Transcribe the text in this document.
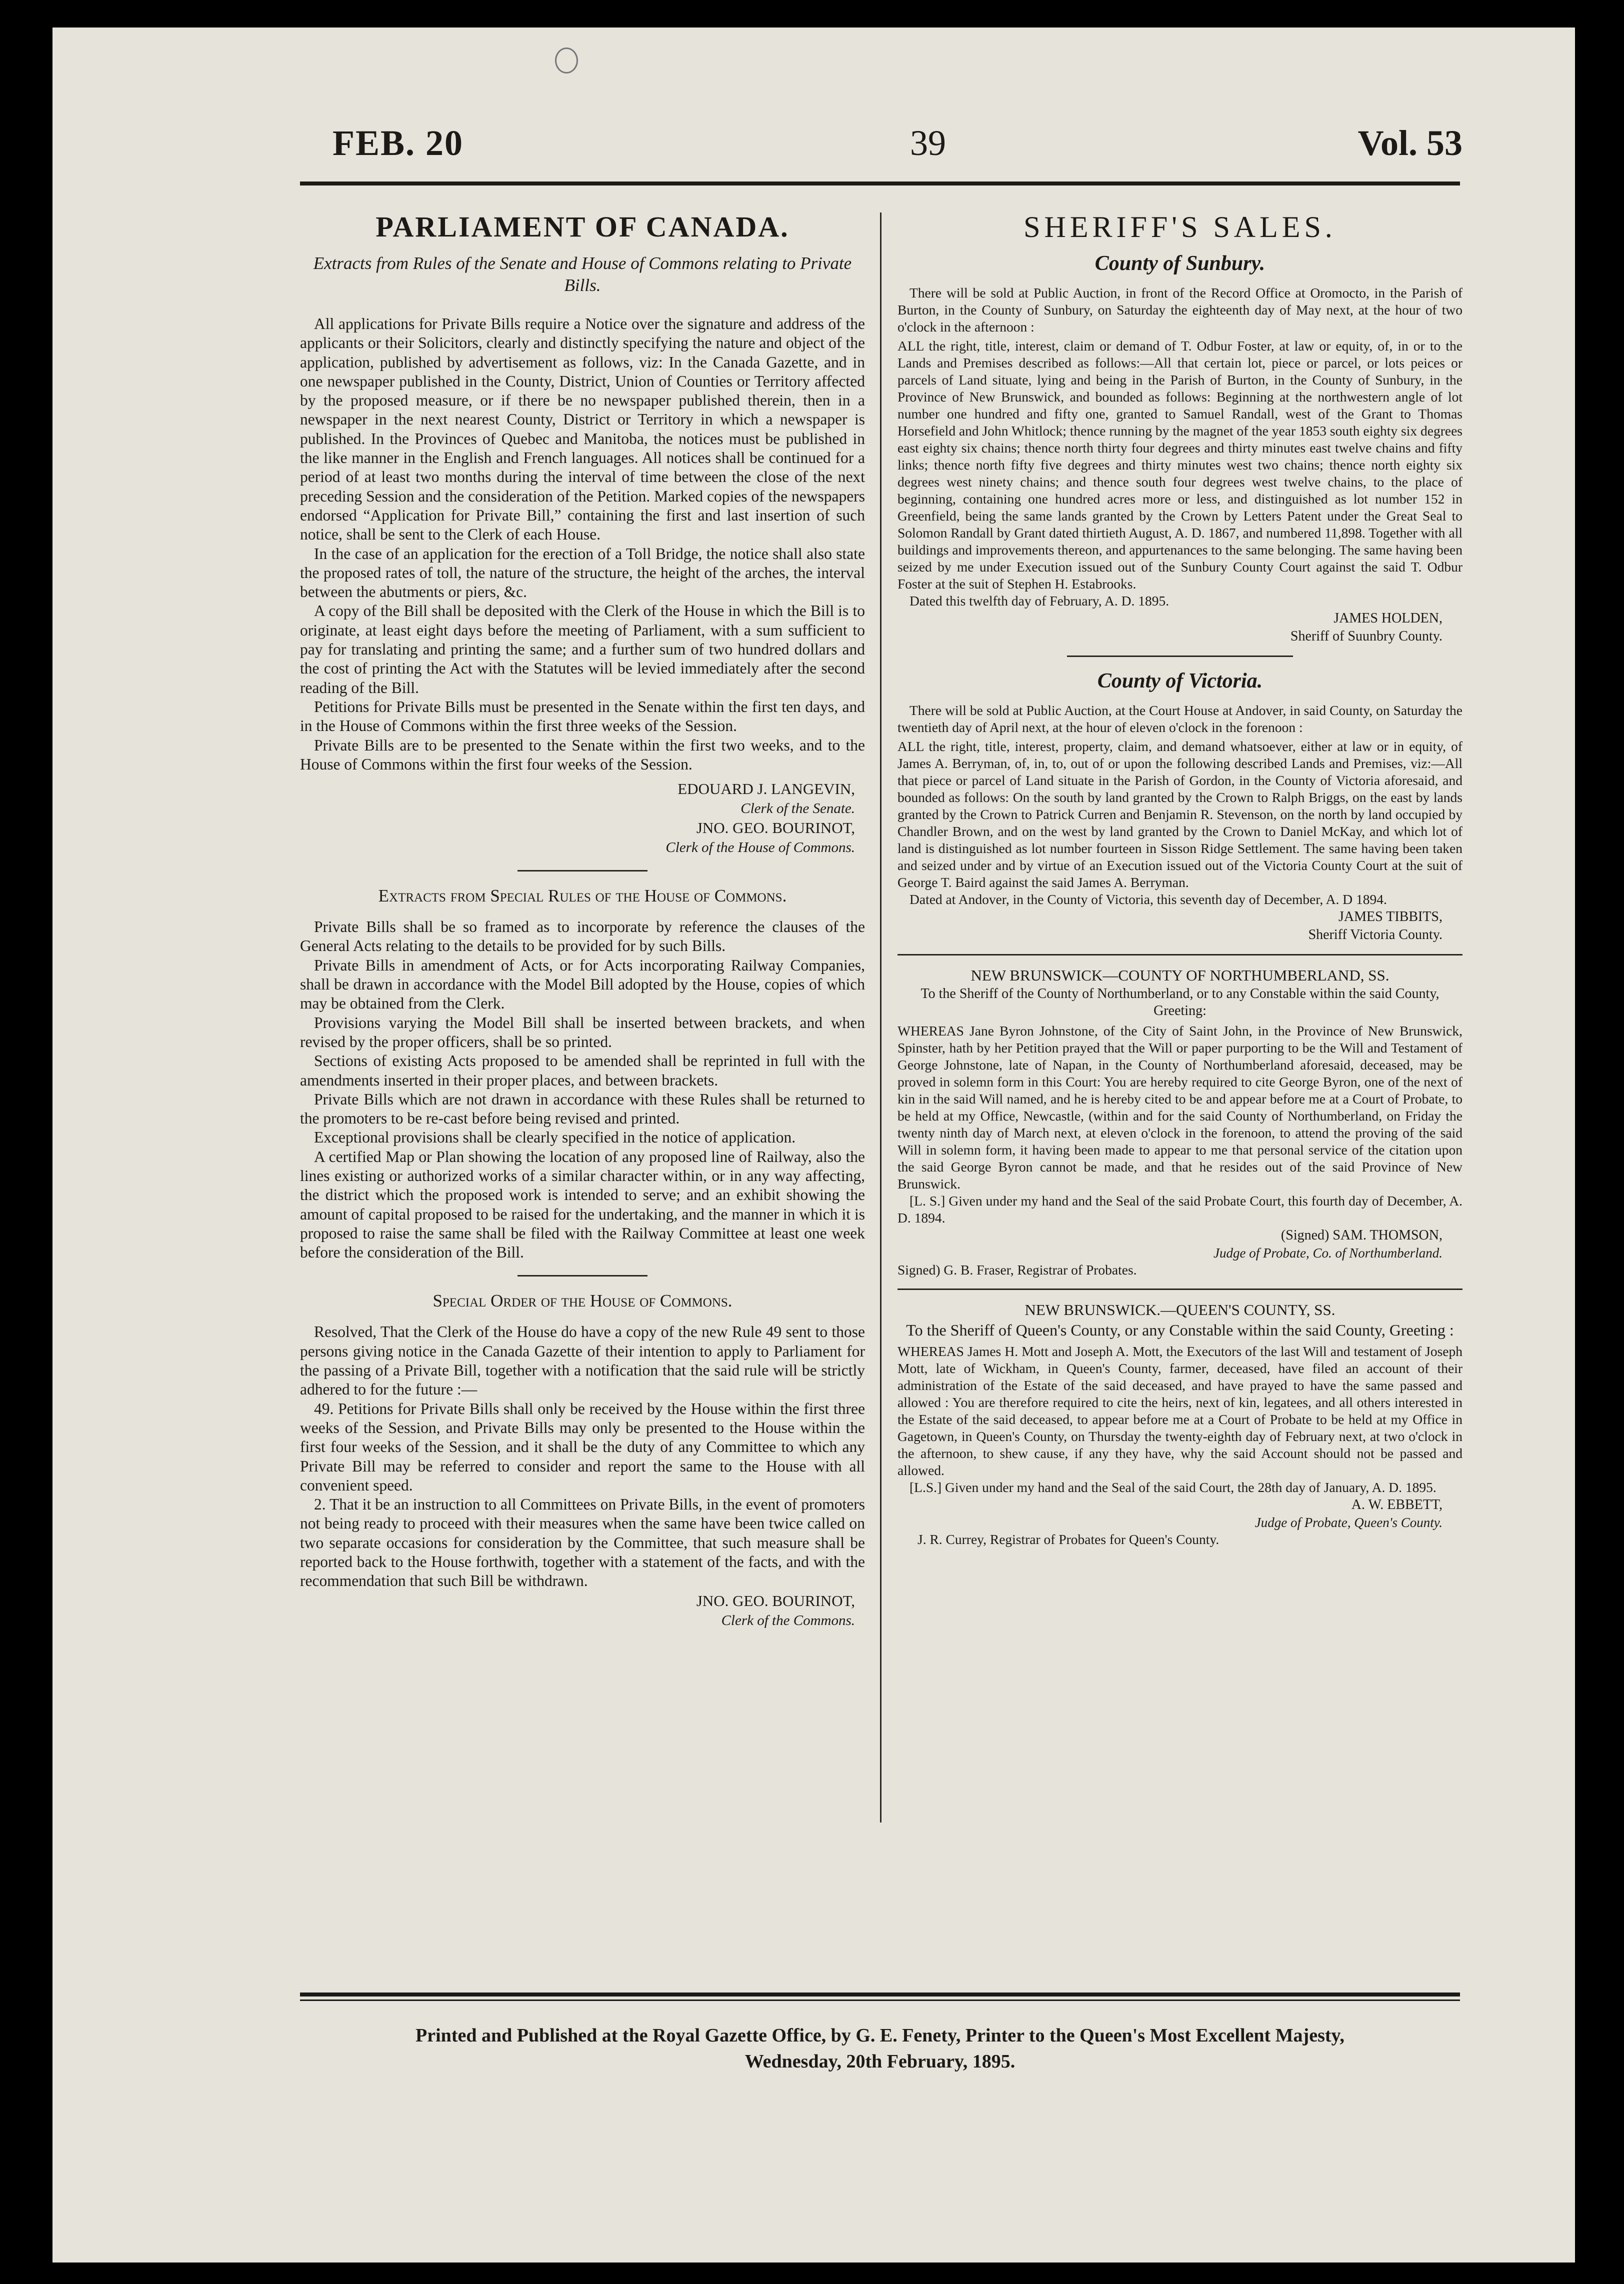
FEB. 20	39	Vol. 53
PARLIAMENT OF CANADA.
Extracts from Rules of the Senate and House of Commons relating to Private Bills.

All applications for Private Bills require a Notice over the signature and address of the applicants or their Solicitors, clearly and distinctly specifying the nature and object of the application, published by advertisement as follows, viz: In the Canada Gazette, and in one newspaper published in the County, District, Union of Counties or Territory affected by the proposed measure, or if there be no newspaper published therein, then in a newspaper in the next nearest County, District or Territory in which a newspaper is published. In the Provinces of Quebec and Manitoba, the notices must be published in the like manner in the English and French languages. All notices shall be continued for a period of at least two months during the interval of time between the close of the next preceding Session and the consideration of the Petition. Marked copies of the newspapers endorsed “Application for Private Bill,” containing the first and last insertion of such notice, shall be sent to the Clerk of each House.

In the case of an application for the erection of a Toll Bridge, the notice shall also state the proposed rates of toll, the nature of the structure, the height of the arches, the interval between the abutments or piers, &c.

A copy of the Bill shall be deposited with the Clerk of the House in which the Bill is to originate, at least eight days before the meeting of Parliament, with a sum sufficient to pay for translating and printing the same; and a further sum of two hundred dollars and the cost of printing the Act with the Statutes will be levied immediately after the second reading of the Bill.

Petitions for Private Bills must be presented in the Senate within the first ten days, and in the House of Commons within the first three weeks of the Session.

Private Bills are to be presented to the Senate within the first two weeks, and to the House of Commons within the first four weeks of the Session.

EDOUARD J. LANGEVIN,
Clerk of the Senate.
JNO. GEO. BOURINOT,
Clerk of the House of Commons.
Extracts from Special Rules of the House of Commons.

Private Bills shall be so framed as to incorporate by reference the clauses of the General Acts relating to the details to be provided for by such Bills.

Private Bills in amendment of Acts, or for Acts incorporating Railway Companies, shall be drawn in accordance with the Model Bill adopted by the House, copies of which may be obtained from the Clerk.

Provisions varying the Model Bill shall be inserted between brackets, and when revised by the proper officers, shall be so printed.

Sections of existing Acts proposed to be amended shall be reprinted in full with the amendments inserted in their proper places, and between brackets.

Private Bills which are not drawn in accordance with these Rules shall be returned to the promoters to be re-cast before being revised and printed.

Exceptional provisions shall be clearly specified in the notice of application.

A certified Map or Plan showing the location of any proposed line of Railway, also the lines existing or authorized works of a similar character within, or in any way affecting, the district which the proposed work is intended to serve; and an exhibit showing the amount of capital proposed to be raised for the undertaking, and the manner in which it is proposed to raise the same shall be filed with the Railway Committee at least one week before the consideration of the Bill.

Special Order of the House of Commons.

Resolved, That the Clerk of the House do have a copy of the new Rule 49 sent to those persons giving notice in the Canada Gazette of their intention to apply to Parliament for the passing of a Private Bill, together with a notification that the said rule will be strictly adhered to for the future :—

49. Petitions for Private Bills shall only be received by the House within the first three weeks of the Session, and Private Bills may only be presented to the House within the first four weeks of the Session, and it shall be the duty of any Committee to which any Private Bill may be referred to consider and report the same to the House with all convenient speed.

2. That it be an instruction to all Committees on Private Bills, in the event of promoters not being ready to proceed with their measures when the same have been twice called on two separate occasions for consideration by the Committee, that such measure shall be reported back to the House forthwith, together with a statement of the facts, and with the recommendation that such Bill be withdrawn.

JNO. GEO. BOURINOT,
Clerk of the Commons.
SHERIFF'S SALES.
County of Sunbury.

There will be sold at Public Auction, in front of the Record Office at Oromocto, in the Parish of Burton, in the County of Sunbury, on Saturday the eighteenth day of May next, at the hour of two o'clock in the afternoon :

ALL the right, title, interest, claim or demand of T. Odbur Foster, at law or equity, of, in or to the Lands and Premises described as follows:—All that certain lot, piece or parcel, or lots peices or parcels of Land situate, lying and being in the Parish of Burton, in the County of Sunbury, in the Province of New Brunswick, and bounded as follows: Beginning at the northwestern angle of lot number one hundred and fifty one, granted to Samuel Randall, west of the Grant to Thomas Horsefield and John Whitlock; thence running by the magnet of the year 1853 south eighty six degrees east eighty six chains; thence north thirty four degrees and thirty minutes east twelve chains and fifty links; thence north fifty five degrees and thirty minutes west two chains; thence north eighty six degrees west ninety chains; and thence south four degrees west twelve chains, to the place of beginning, containing one hundred acres more or less, and distinguished as lot number 152 in Greenfield, being the same lands granted by the Crown by Letters Patent under the Great Seal to Solomon Randall by Grant dated thirtieth August, A. D. 1867, and numbered 11,898. Together with all buildings and improvements thereon, and appurtenances to the same belonging. The same having been seized by me under Execution issued out of the Sunbury County Court against the said T. Odbur Foster at the suit of Stephen H. Estabrooks.

Dated this twelfth day of February, A. D. 1895.

JAMES HOLDEN,
Sheriff of Suunbry County.
County of Victoria.

There will be sold at Public Auction, at the Court House at Andover, in said County, on Saturday the twentieth day of April next, at the hour of eleven o'clock in the forenoon :

ALL the right, title, interest, property, claim, and demand whatsoever, either at law or in equity, of James A. Berryman, of, in, to, out of or upon the following described Lands and Premises, viz:—All that piece or parcel of Land situate in the Parish of Gordon, in the County of Victoria aforesaid, and bounded as follows: On the south by land granted by the Crown to Ralph Briggs, on the east by lands granted by the Crown to Patrick Curren and Benjamin R. Stevenson, on the north by land occupied by Chandler Brown, and on the west by land granted by the Crown to Daniel McKay, and which lot of land is distinguished as lot number fourteen in Sisson Ridge Settlement. The same having been taken and seized under and by virtue of an Execution issued out of the Victoria County Court at the suit of George T. Baird against the said James A. Berryman.

Dated at Andover, in the County of Victoria, this seventh day of December, A. D 1894.

JAMES TIBBITS,
Sheriff Victoria County.
NEW BRUNSWICK—COUNTY OF NORTHUMBERLAND, SS.
To the Sheriff of the County of Northumberland, or to any Constable within the said County, Greeting:

WHEREAS Jane Byron Johnstone, of the City of Saint John, in the Province of New Brunswick, Spinster, hath by her Petition prayed that the Will or paper purporting to be the Will and Testament of George Johnstone, late of Napan, in the County of Northumberland aforesaid, deceased, may be proved in solemn form in this Court: You are hereby required to cite George Byron, one of the next of kin in the said Will named, and he is hereby cited to be and appear before me at a Court of Probate, to be held at my Office, Newcastle, (within and for the said County of Northumberland, on Friday the twenty ninth day of March next, at eleven o'clock in the forenoon, to attend the proving of the said Will in solemn form, it having been made to appear to me that personal service of the citation upon the said George Byron cannot be made, and that he resides out of the said Province of New Brunswick.

[L. S.] Given under my hand and the Seal of the said Probate Court, this fourth day of December, A. D. 1894.

(Signed) SAM. THOMSON,
Judge of Probate, Co. of Northumberland.
Signed) G. B. Fraser, Registrar of Probates.
NEW BRUNSWICK.—QUEEN'S COUNTY, SS.
To the Sheriff of Queen's County, or any Constable within the said County, Greeting :

WHEREAS James H. Mott and Joseph A. Mott, the Executors of the last Will and testament of Joseph Mott, late of Wickham, in Queen's County, farmer, deceased, have filed an account of their administration of the Estate of the said deceased, and have prayed to have the same passed and allowed : You are therefore required to cite the heirs, next of kin, legatees, and all others interested in the Estate of the said deceased, to appear before me at a Court of Probate to be held at my Office in Gagetown, in Queen's County, on Thursday the twenty-eighth day of February next, at two o'clock in the afternoon, to shew cause, if any they have, why the said Account should not be passed and allowed.

[L.S.] Given under my hand and the Seal of the said Court, the 28th day of January, A. D. 1895.

A. W. EBBETT,
Judge of Probate, Queen's County.
J. R. Currey, Registrar of Probates for Queen's County.
Printed and Published at the Royal Gazette Office, by G. E. Fenety, Printer to the Queen's Most Excellent Majesty,
Wednesday, 20th February, 1895.
